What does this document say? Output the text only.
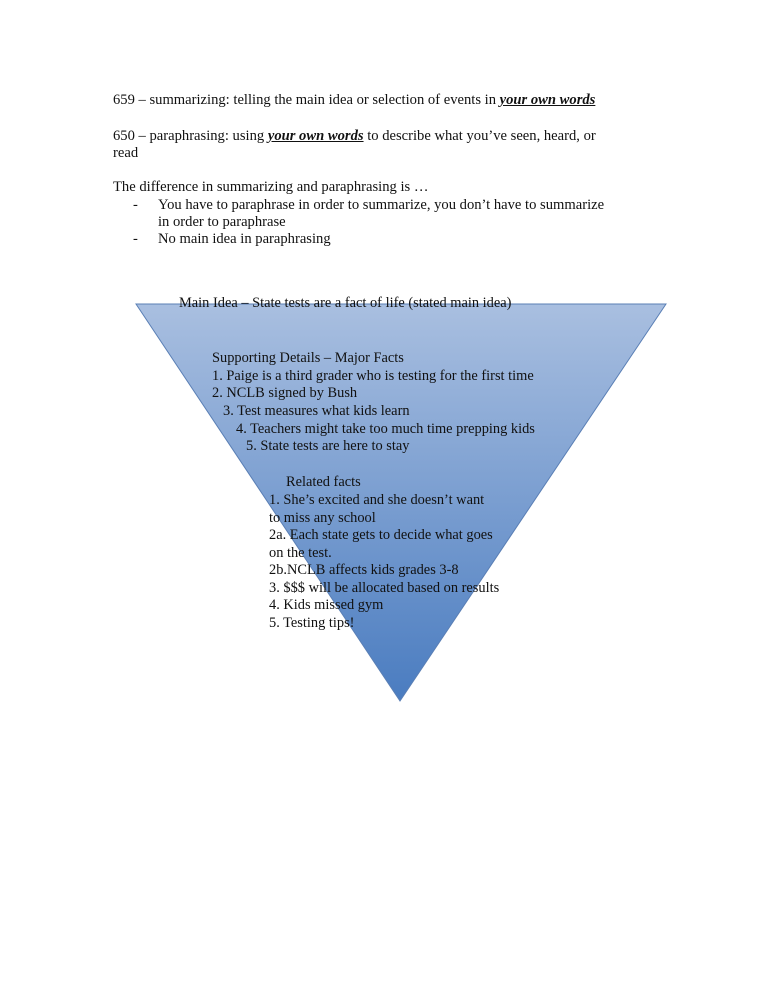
659 – summarizing: telling the main idea or selection of events in your own words
650 – paraphrasing: using your own words to describe what you’ve seen, heard, or
read
The difference in summarizing and paraphrasing is …
- You have to paraphrase in order to summarize, you don’t have to summarize
in order to paraphrase
- No main idea in paraphrasing
Main Idea – State tests are a fact of life (stated main idea)
Supporting Details – Major Facts
1. Paige is a third grader who is testing for the first time
2. NCLB signed by Bush
3. Test measures what kids learn
4. Teachers might take too much time prepping kids
5. State tests are here to stay
Related facts
1. She’s excited and she doesn’t want
to miss any school
2a. Each state gets to decide what goes
on the test.
2b.NCLB affects kids grades 3-8
3. $$$ will be allocated based on results
4. Kids missed gym
5. Testing tips!
